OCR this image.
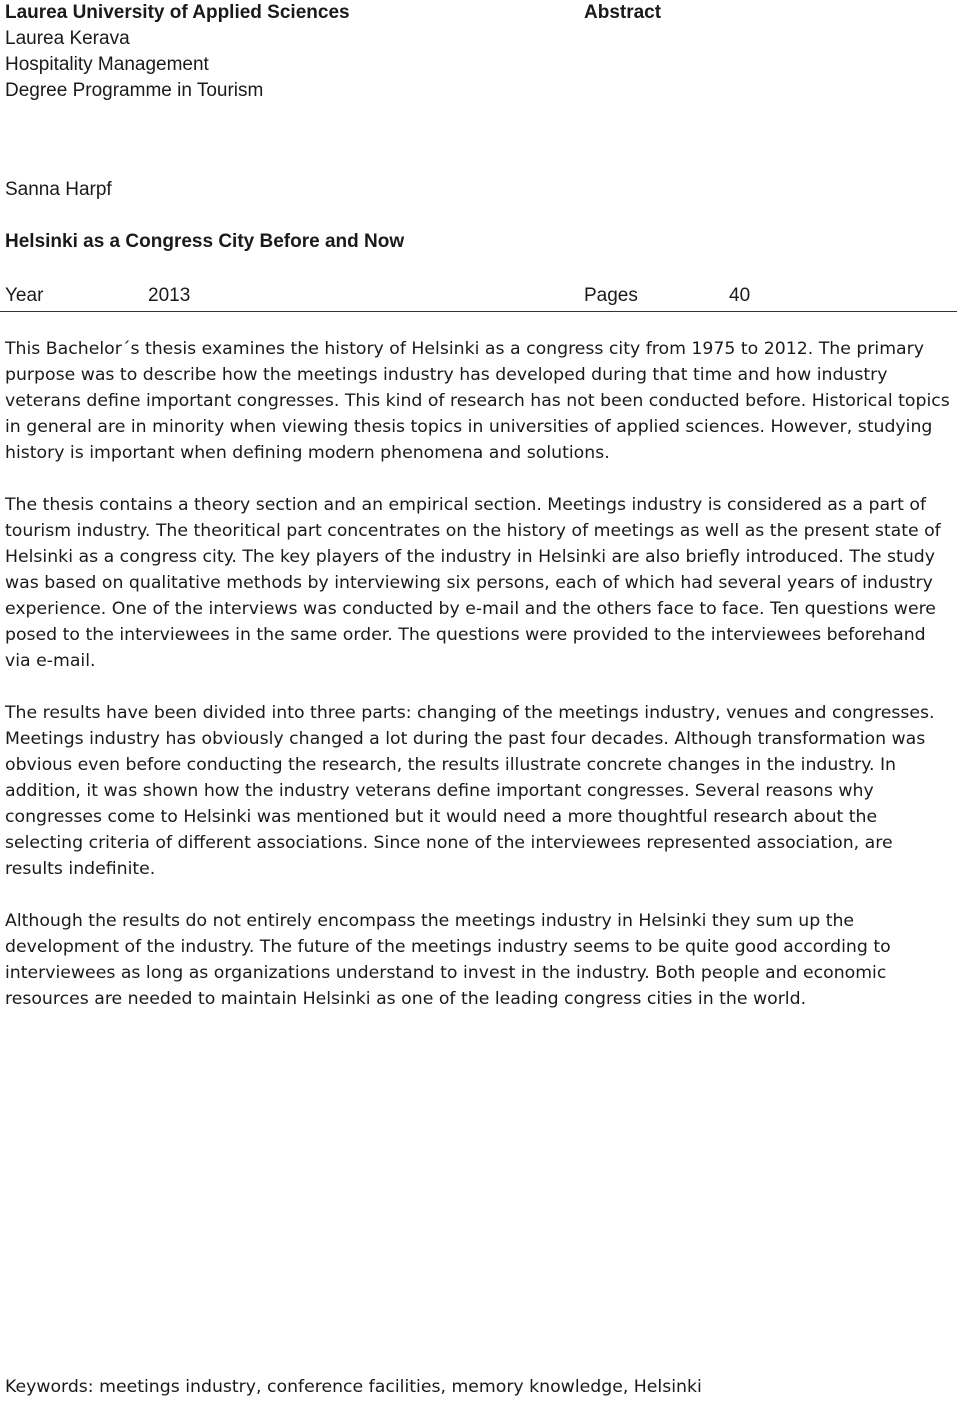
Laurea University of Applied Sciences
Laurea Kerava
Hospitality Management
Degree Programme in Tourism
Abstract
Sanna Harpf
Helsinki as a Congress City Before and Now
Year	2013	Pages	40

This Bachelor´s thesis examines the history of Helsinki as a congress city from 1975 to 2012. The primary purpose was to describe how the meetings industry has developed during that time and how industry veterans define important congresses. This kind of research has not been conducted before. Historical topics in general are in minority when viewing thesis topics in universities of applied sciences. However, studying history is important when defining modern phenomena and solutions.

The thesis contains a theory section and an empirical section. Meetings industry is considered as a part of tourism industry. The theoritical part concentrates on the history of meetings as well as the present state of Helsinki as a congress city. The key players of the industry in Helsinki are also briefly introduced. The study was based on qualitative methods by interviewing six persons, each of which had several years of industry experience. One of the interviews was conducted by e-mail and the others face to face. Ten questions were posed to the interviewees in the same order. The questions were provided to the interviewees beforehand via e-mail.

The results have been divided into three parts: changing of the meetings industry, venues and congresses. Meetings industry has obviously changed a lot during the past four decades. Although transformation was obvious even before conducting the research, the results illustrate concrete changes in the industry. In addition, it was shown how the industry veterans define important congresses. Several reasons why congresses come to Helsinki was mentioned but it would need a more thoughtful research about the selecting criteria of different associations. Since none of the interviewees represented association, are results indefinite.

Although the results do not entirely encompass the meetings industry in Helsinki they sum up the development of the industry. The future of the meetings industry seems to be quite good according to interviewees as long as organizations understand to invest in the industry. Both people and economic resources are needed to maintain Helsinki as one of the leading congress cities in the world.

Keywords: meetings industry, conference facilities, memory knowledge, Helsinki
